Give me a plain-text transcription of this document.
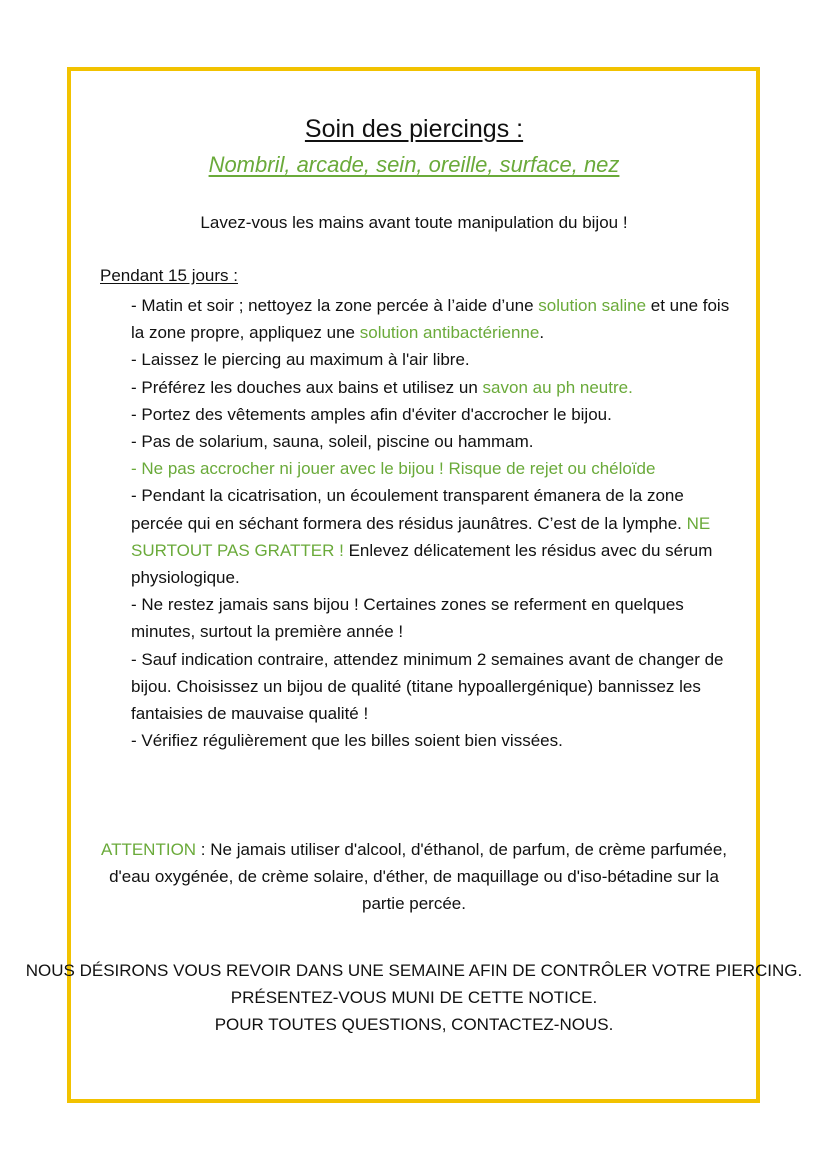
Soin des piercings :
Nombril, arcade, sein, oreille, surface, nez
Lavez-vous les mains avant toute manipulation du bijou !
Pendant 15 jours :

- Matin et soir ; nettoyez la zone percée à l’aide d’une solution saline et une fois la zone propre, appliquez une solution antibactérienne.

- Laissez le piercing au maximum à l'air libre.

- Préférez les douches aux bains et utilisez un savon au ph neutre.

- Portez des vêtements amples afin d'éviter d'accrocher le bijou.

- Pas de solarium, sauna, soleil, piscine ou hammam.

- Ne pas accrocher ni jouer avec le bijou ! Risque de rejet ou chéloïde

- Pendant la cicatrisation, un écoulement transparent émanera de la zone percée qui en séchant formera des résidus jaunâtres. C’est de la lymphe. NE SURTOUT PAS GRATTER ! Enlevez délicatement les résidus avec du sérum physiologique.

- Ne restez jamais sans bijou ! Certaines zones se referment en quelques minutes, surtout la première année !

- Sauf indication contraire, attendez minimum 2 semaines avant de changer de bijou. Choisissez un bijou de qualité (titane hypoallergénique) bannissez les fantaisies de mauvaise qualité !

- Vérifiez régulièrement que les billes soient bien vissées.

ATTENTION : Ne jamais utiliser d'alcool, d'éthanol, de parfum, de crème parfumée, d'eau oxygénée, de crème solaire, d'éther, de maquillage ou d'iso-bétadine sur la partie percée.

NOUS DÉSIRONS VOUS REVOIR DANS UNE SEMAINE AFIN DE CONTRÔLER VOTRE PIERCING.

PRÉSENTEZ-VOUS MUNI DE CETTE NOTICE.

POUR TOUTES QUESTIONS, CONTACTEZ-NOUS.
